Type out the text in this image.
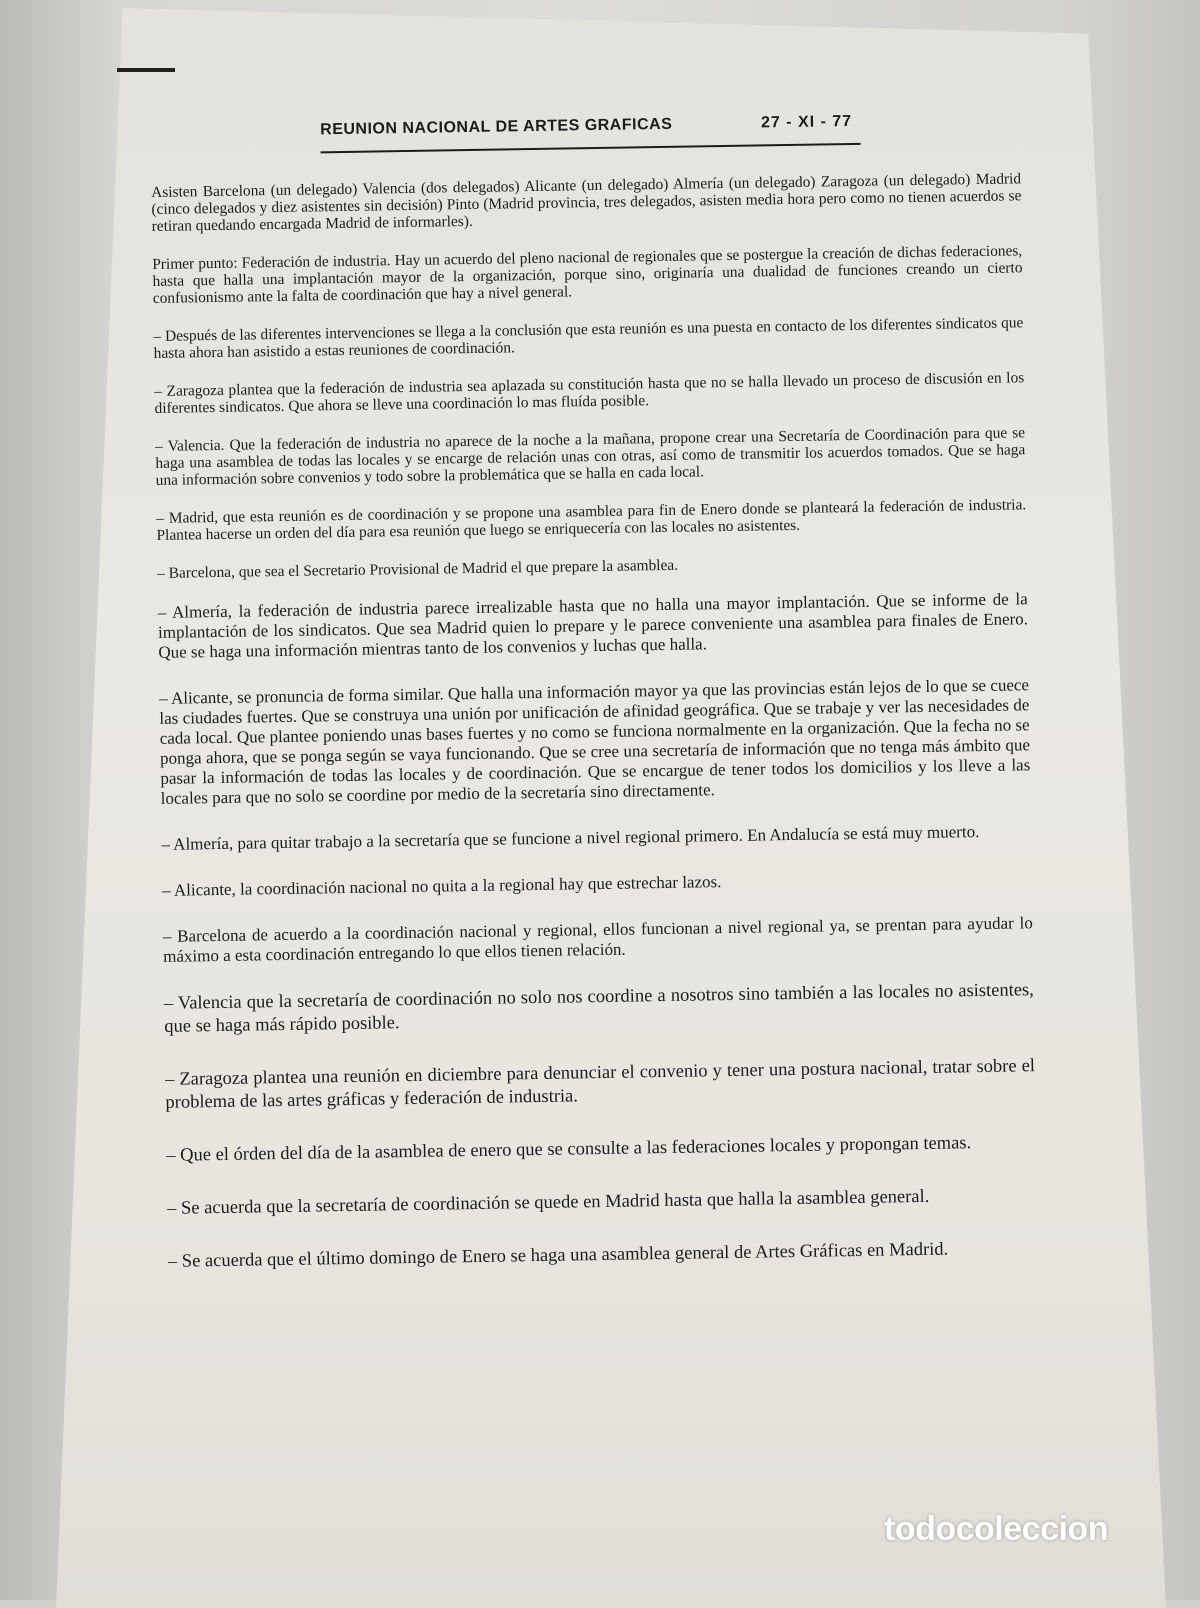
REUNION NACIONAL DE ARTES GRAFICAS	27 - XI - 77

Asisten Barcelona (un delegado) Valencia (dos delegados) Alicante (un delegado) Almería (un delegado) Zaragoza (un delegado) Madrid (cinco delegados y diez asistentes sin decisión) Pinto (Madrid provincia, tres delegados, asisten media hora pero como no tienen acuerdos se retiran quedando encargada Madrid de informarles).

Primer punto: Federación de industria. Hay un acuerdo del pleno nacional de regionales que se postergue la creación de dichas federaciones, hasta que halla una implantación mayor de la organización, porque sino, originaría una dualidad de funciones creando un cierto confusionismo ante la falta de coordinación que hay a nivel general.

– Después de las diferentes intervenciones se llega a la conclusión que esta reunión es una puesta en contacto de los diferentes sindicatos que hasta ahora han asistido a estas reuniones de coordinación.

– Zaragoza plantea que la federación de industria sea aplazada su constitución hasta que no se halla llevado un proceso de discusión en los diferentes sindicatos. Que ahora se lleve una coordinación lo mas fluída posible.

– Valencia. Que la federación de industria no aparece de la noche a la mañana, propone crear una Secretaría de Coordinación para que se haga una asamblea de todas las locales y se encarge de relación unas con otras, así como de transmitir los acuerdos tomados. Que se haga una información sobre convenios y todo sobre la problemática que se halla en cada local.

– Madrid, que esta reunión es de coordinación y se propone una asamblea para fin de Enero donde se planteará la federación de industria. Plantea hacerse un orden del día para esa reunión que luego se enriquecería con las locales no asistentes.

– Barcelona, que sea el Secretario Provisional de Madrid el que prepare la asamblea.

– Almería, la federación de industria parece irrealizable hasta que no halla una mayor implantación. Que se informe de la implantación de los sindicatos. Que sea Madrid quien lo prepare y le parece conveniente una asamblea para finales de Enero. Que se haga una información mientras tanto de los convenios y luchas que halla.

– Alicante, se pronuncia de forma similar. Que halla una información mayor ya que las provincias están lejos de lo que se cuece las ciudades fuertes. Que se construya una unión por unificación de afinidad geográfica. Que se trabaje y ver las necesidades de cada local. Que plantee poniendo unas bases fuertes y no como se funciona normalmente en la organización. Que la fecha no se ponga ahora, que se ponga según se vaya funcionando. Que se cree una secretaría de información que no tenga más ámbito que pasar la información de todas las locales y de coordinación. Que se encargue de tener todos los domicilios y los lleve a las locales para que no solo se coordine por medio de la secretaría sino directamente.

– Almería, para quitar trabajo a la secretaría que se funcione a nivel regional primero. En Andalucía se está muy muerto.

– Alicante, la coordinación nacional no quita a la regional hay que estrechar lazos.

– Barcelona de acuerdo a la coordinación nacional y regional, ellos funcionan a nivel regional ya, se prentan para ayudar lo máximo a esta coordinación entregando lo que ellos tienen relación.

– Valencia que la secretaría de coordinación no solo nos coordine a nosotros sino también a las locales no asistentes, que se haga más rápido posible.

– Zaragoza plantea una reunión en diciembre para denunciar el convenio y tener una postura nacional, tratar sobre el problema de las artes gráficas y federación de industria.

– Que el órden del día de la asamblea de enero que se consulte a las federaciones locales y propongan temas.

– Se acuerda que la secretaría de coordinación se quede en Madrid hasta que halla la asamblea general.

– Se acuerda que el último domingo de Enero se haga una asamblea general de Artes Gráficas en Madrid.

todocoleccion
